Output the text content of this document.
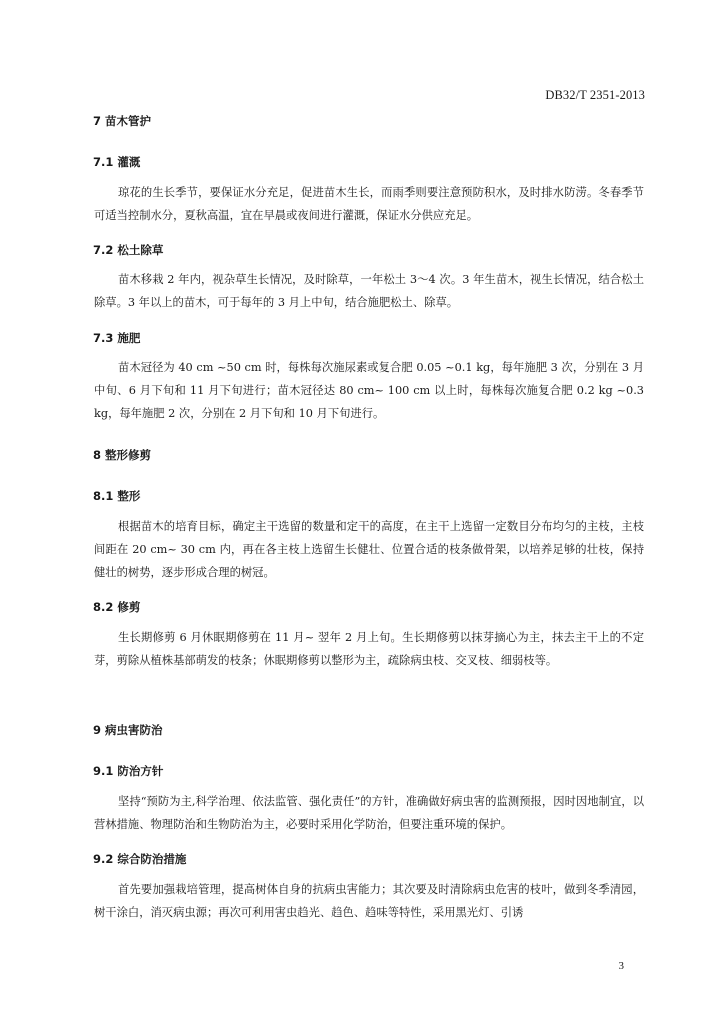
DB32/T 2351-2013
7 苗木管护
7.1 灌溉

琼花的生长季节，要保证水分充足，促进苗木生长，而雨季则要注意预防积水，及时排水防涝。冬春季节可适当控制水分，夏秋高温，宜在早晨或夜间进行灌溉，保证水分供应充足。

7.2 松土除草

苗木移栽 2 年内，视杂草生长情况，及时除草，一年松土 3～4 次。3 年生苗木，视生长情况，结合松土除草。3 年以上的苗木，可于每年的 3 月上中旬，结合施肥松土、除草。

7.3 施肥

苗木冠径为 40 cm ~50 cm 时，每株每次施尿素或复合肥 0.05 ~0.1 kg，每年施肥 3 次，分别在 3 月中旬、6 月下旬和 11 月下旬进行；苗木冠径达 80 cm~ 100 cm 以上时，每株每次施复合肥 0.2 kg ~0.3 kg，每年施肥 2 次，分别在 2 月下旬和 10 月下旬进行。

8 整形修剪
8.1 整形

根据苗木的培育目标，确定主干选留的数量和定干的高度，在主干上选留一定数目分布均匀的主枝，主枝间距在 20 cm~ 30 cm 内，再在各主枝上选留生长健壮、位置合适的枝条做骨架，以培养足够的壮枝，保持健壮的树势，逐步形成合理的树冠。

8.2 修剪

生长期修剪 6 月休眠期修剪在 11 月~ 翌年 2 月上旬。生长期修剪以抹芽摘心为主，抹去主干上的不定芽，剪除从植株基部萌发的枝条；休眠期修剪以整形为主，疏除病虫枝、交叉枝、细弱枝等。

9 病虫害防治
9.1 防治方针

坚持“预防为主,科学治理、依法监管、强化责任”的方针，准确做好病虫害的监测预报，因时因地制宜，以营林措施、物理防治和生物防治为主，必要时采用化学防治，但要注重环境的保护。

9.2 综合防治措施

首先要加强栽培管理，提高树体自身的抗病虫害能力；其次要及时清除病虫危害的枝叶，做到冬季清园，树干涂白，消灭病虫源；再次可利用害虫趋光、趋色、趋味等特性，采用黑光灯、引诱

3
